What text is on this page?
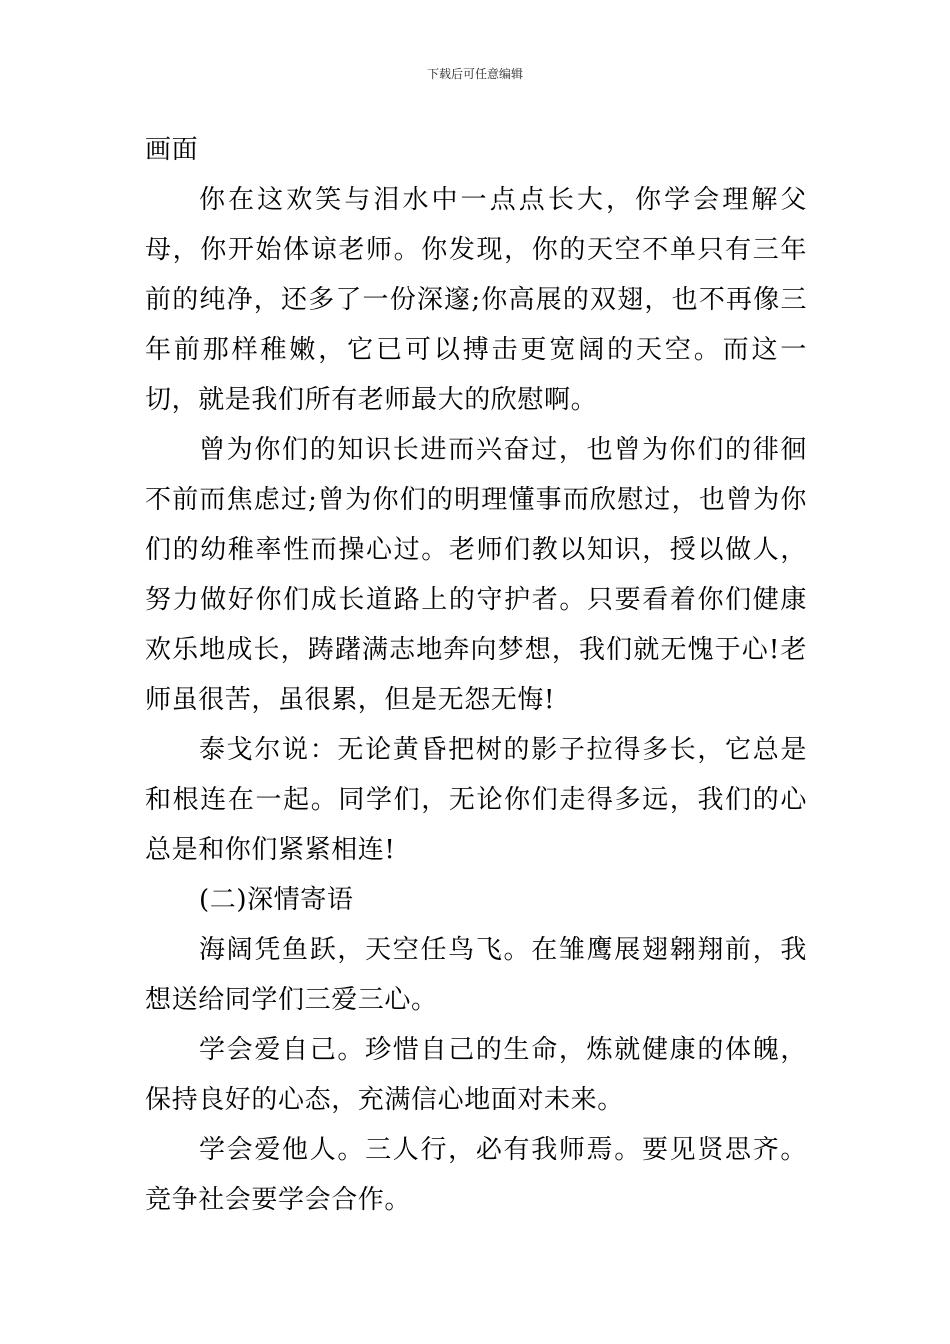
下载后可任意编辑

画面

你在这欢笑与泪水中一点点长大，你学会理解父母，你开始体谅老师。你发现，你的天空不单只有三年前的纯净，还多了一份深邃;你高展的双翅，也不再像三年前那样稚嫩，它已可以搏击更宽阔的天空。而这一切，就是我们所有老师最大的欣慰啊。

曾为你们的知识长进而兴奋过，也曾为你们的徘徊不前而焦虑过;曾为你们的明理懂事而欣慰过，也曾为你们的幼稚率性而操心过。老师们教以知识，授以做人，努力做好你们成长道路上的守护者。只要看着你们健康欢乐地成长，踌躇满志地奔向梦想，我们就无愧于心!老师虽很苦，虽很累，但是无怨无悔!

泰戈尔说：无论黄昏把树的影子拉得多长，它总是和根连在一起。同学们，无论你们走得多远，我们的心总是和你们紧紧相连!

(二)深情寄语

海阔凭鱼跃，天空任鸟飞。在雏鹰展翅翱翔前，我想送给同学们三爱三心。

学会爱自己。珍惜自己的生命，炼就健康的体魄，保持良好的心态，充满信心地面对未来。

学会爱他人。三人行，必有我师焉。要见贤思齐。竞争社会要学会合作。
